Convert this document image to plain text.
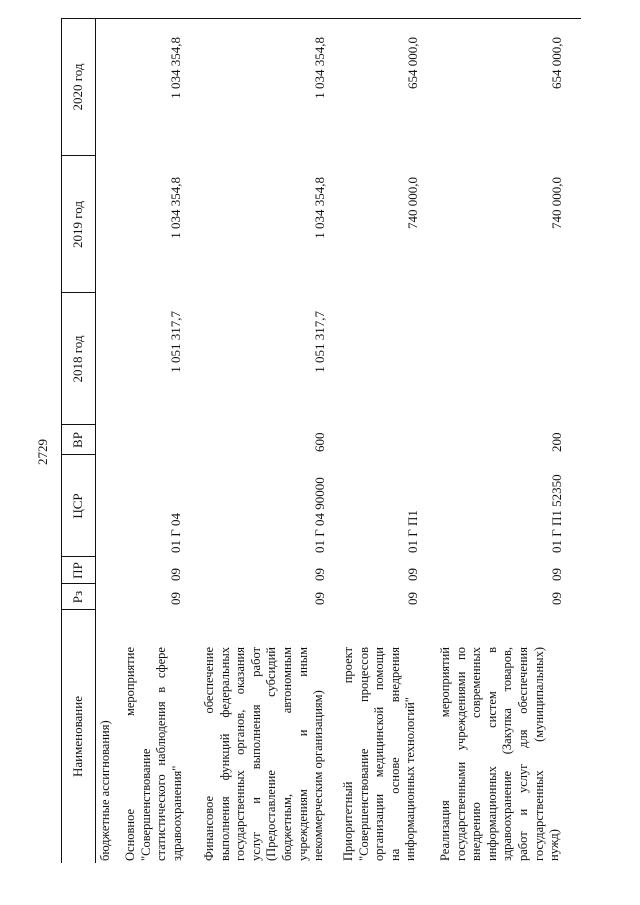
2729
Наименование
Рз
ПР
ЦСР
ВР
2018 год
2019 год
2020 год
бюджетные ассигнования) Основное мероприятие "Совершенствование статистического наблюдения в сфере здравоохранения"
09
09
01 Г 04
1 051 317,7
1 034 354,8
1 034 354,8
Финансовое обеспечение выполнения функций федеральных государственных органов, оказания услуг и выполнения работ (Предоставление субсидий бюджетным, автономным учреждениям и иным некоммерческим организациям)
09
09
01 Г 04 90000
600
1 051 317,7
1 034 354,8
1 034 354,8
Приоритетный проект "Совершенствование процессов организации медицинской помощи на основе внедрения информационных технологий"
09
09
01 Г П1
740 000,0
654 000,0
Реализация мероприятий государственными учреждениями по внедрению современных информационных систем в здравоохранение (Закупка товаров, работ и услуг для обеспечения государственных (муниципальных) нужд)
09
09
01 Г П1 52350
200
740 000,0
654 000,0
